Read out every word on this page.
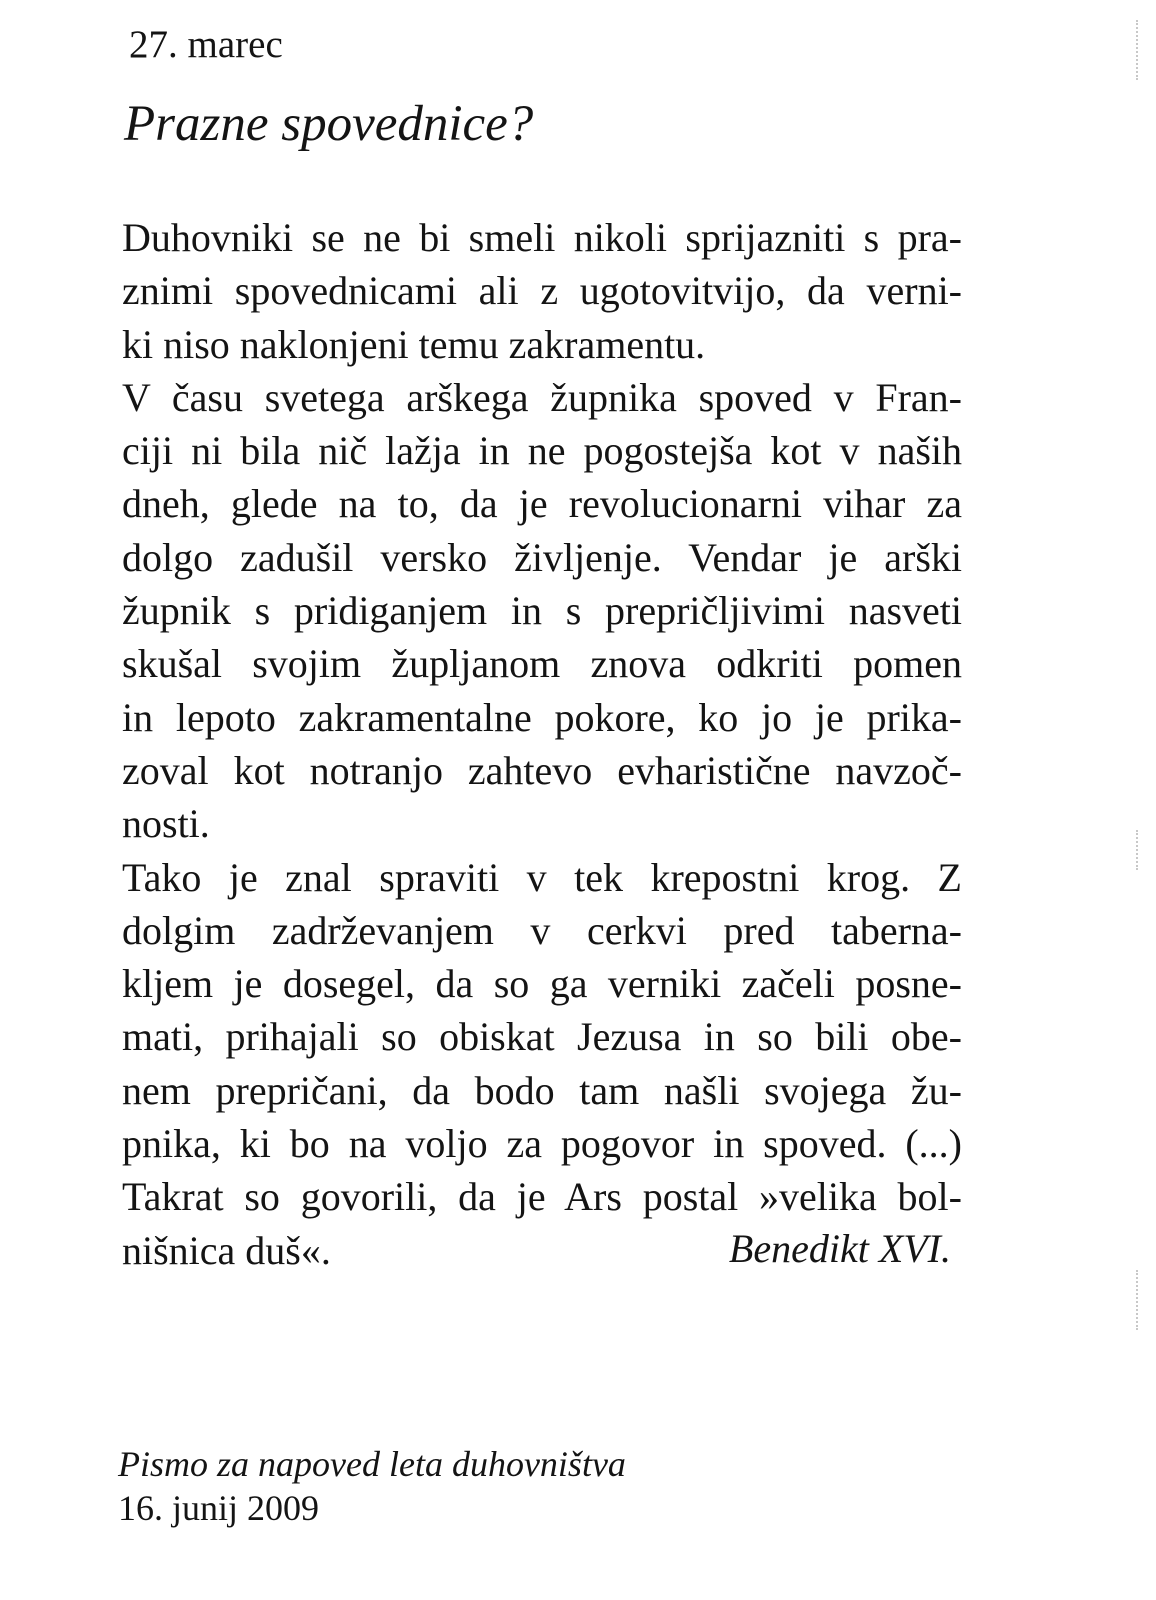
27. marec
Prazne spovednice?
Duhovniki se ne bi smeli nikoli sprijazniti s pra-
znimi spovednicami ali z ugotovitvijo, da verni-
ki niso naklonjeni temu zakramentu.
V času svetega arškega župnika spoved v Fran-
ciji ni bila nič lažja in ne pogostejša kot v naših
dneh, glede na to, da je revolucionarni vihar za
dolgo zadušil versko življenje. Vendar je arški
župnik s pridiganjem in s prepričljivimi nasveti
skušal svojim župljanom znova odkriti pomen
in lepoto zakramentalne pokore, ko jo je prika-
zoval kot notranjo zahtevo evharistične navzoč-
nosti.
Tako je znal spraviti v tek krepostni krog. Z
dolgim zadrževanjem v cerkvi pred taberna-
kljem je dosegel, da so ga verniki začeli posne-
mati, prihajali so obiskat Jezusa in so bili obe-
nem prepričani, da bodo tam našli svojega žu-
pnika, ki bo na voljo za pogovor in spoved. (...)
Takrat so govorili, da je Ars postal »velika bol-
nišnica duš«.	Benedikt XVI.
Pismo za napoved leta duhovništva
16. junij 2009
